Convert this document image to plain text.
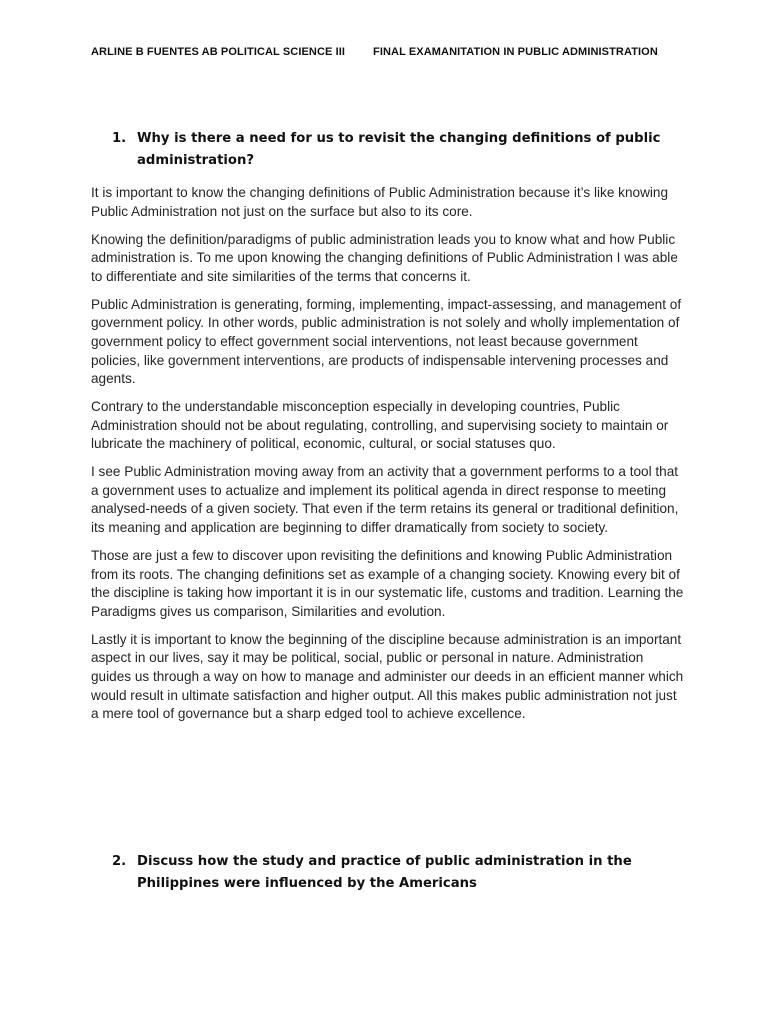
ARLINE B FUENTES AB POLITICAL SCIENCE III	FINAL EXAMANITATION IN PUBLIC ADMINISTRATION
1. Why is there a need for us to revisit the changing definitions of public administration?

It is important to know the changing definitions of Public Administration because it’s like knowing Public Administration not just on the surface but also to its core.

Knowing the definition/paradigms of public administration leads you to know what and how Public administration is. To me upon knowing the changing definitions of Public Administration I was able to differentiate and site similarities of the terms that concerns it.

Public Administration is generating, forming, implementing, impact-assessing, and management of government policy. In other words, public administration is not solely and wholly implementation of government policy to effect government social interventions, not least because government policies, like government interventions, are products of indispensable intervening processes and agents.

Contrary to the understandable misconception especially in developing countries, Public Administration should not be about regulating, controlling, and supervising society to maintain or lubricate the machinery of political, economic, cultural, or social statuses quo.

I see Public Administration moving away from an activity that a government performs to a tool that a government uses to actualize and implement its political agenda in direct response to meeting analysed-needs of a given society. That even if the term retains its general or traditional definition, its meaning and application are beginning to differ dramatically from society to society.

Those are just a few to discover upon revisiting the definitions and knowing Public Administration from its roots. The changing definitions set as example of a changing society. Knowing every bit of the discipline is taking how important it is in our systematic life, customs and tradition. Learning the Paradigms gives us comparison, Similarities and evolution.

Lastly it is important to know the beginning of the discipline because administration is an important aspect in our lives, say it may be political, social, public or personal in nature. Administration guides us through a way on how to manage and administer our deeds in an efficient manner which would result in ultimate satisfaction and higher output. All this makes public administration not just a mere tool of governance but a sharp edged tool to achieve excellence.

2. Discuss how the study and practice of public administration in the Philippines were influenced by the Americans
